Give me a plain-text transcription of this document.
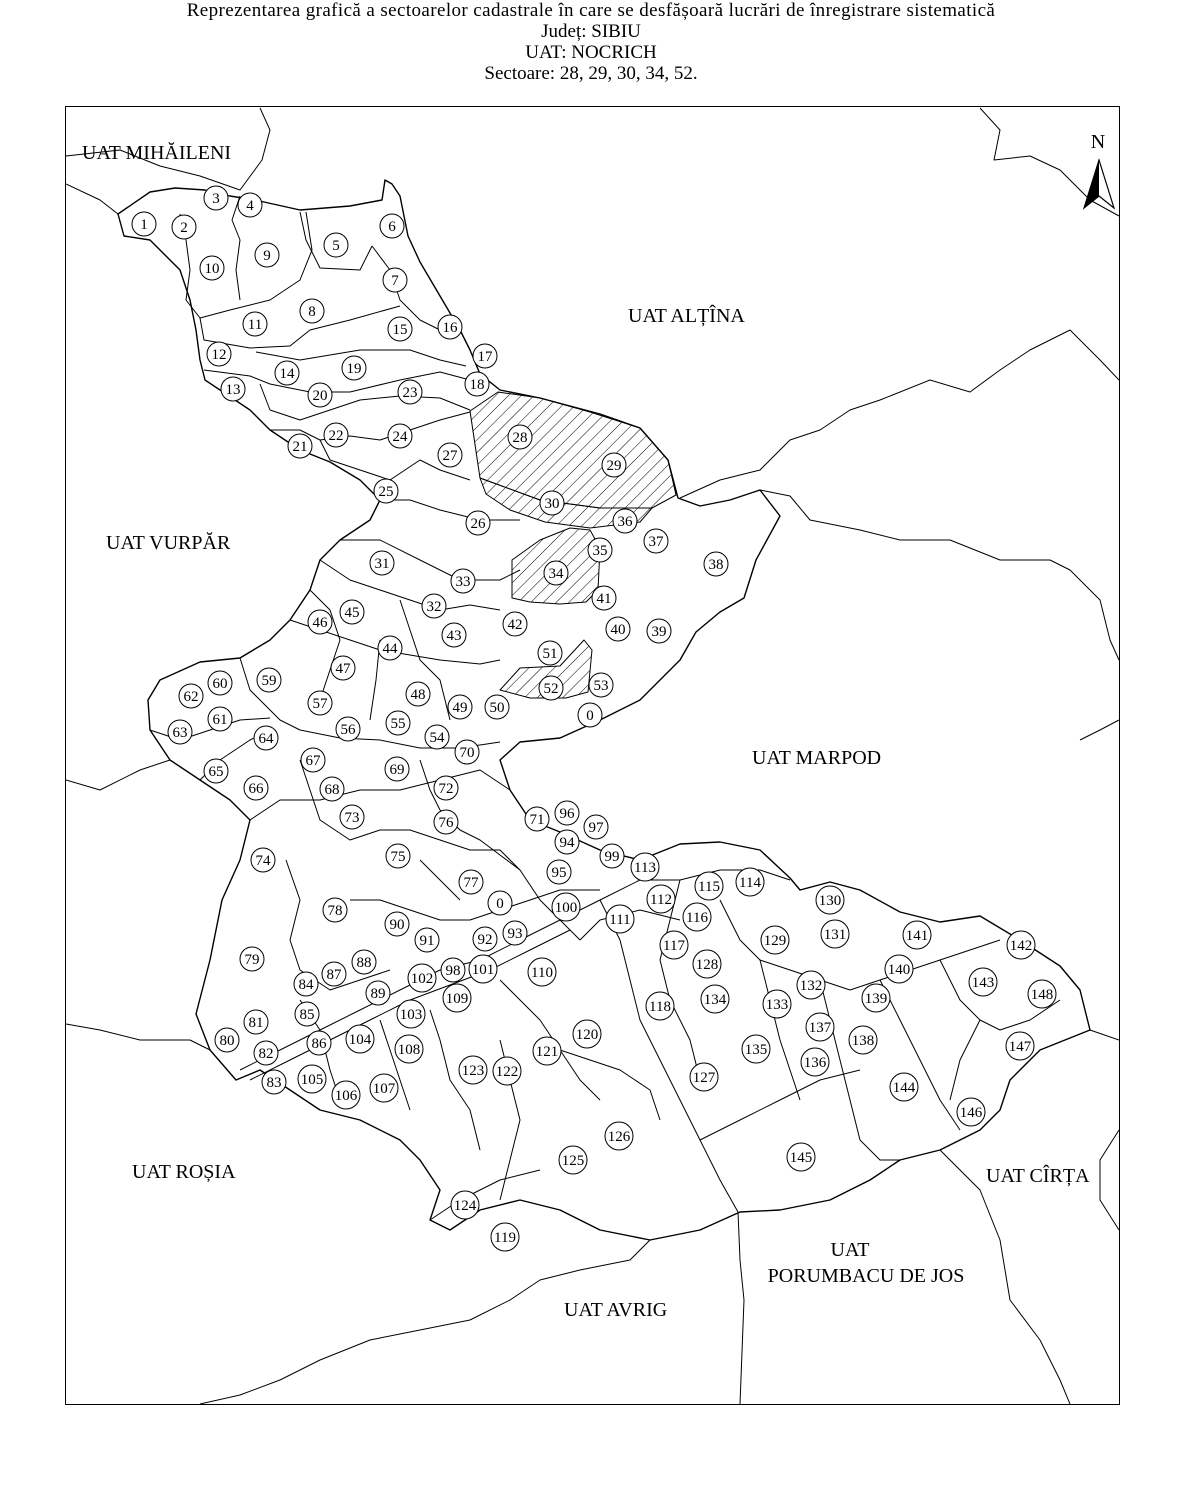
Reprezentarea grafică a sectoarelor cadastrale în care se desfășoară lucrări de înregistrare sistematică
Județ: SIBIU
UAT: NOCRICH
Sectoare: 28, 29, 30, 34, 52.
N
UAT MIHĂILENI
UAT ALȚÎNA
UAT VURPĂR
UAT MARPOD
UAT ROȘIA	UAT CÎRȚA
UAT
PORUMBACU DE JOS
UAT AVRIG
1 2
3 4
5
6
7
8
9
10
11
12
13
14
15 16
17
18
19
20
21
22
23
24
25
26
27
28
29
30
31
32
33	34
35
36
37
38
39
40
41
42
43
44
45
46
47
48
49 50
51
52 53
54
55
56
57
59
60
61
62
63	64
65
66
67
68
69
70
0
71
72
73
74	75
76
77
78
79
80
81
82
83
84
85
86
87
88
89
90
91	92 93
94
95
96
97
98
99
100
101
102
103
104
105
106 107
108
109
110
111
112
113
114
115
116
117
118
119
120
121
122
123
124
125
126
127
128
129
130
131
132
133
134
135
136
137
138
139
140
141
142
143
144
145
146
147
148
0
